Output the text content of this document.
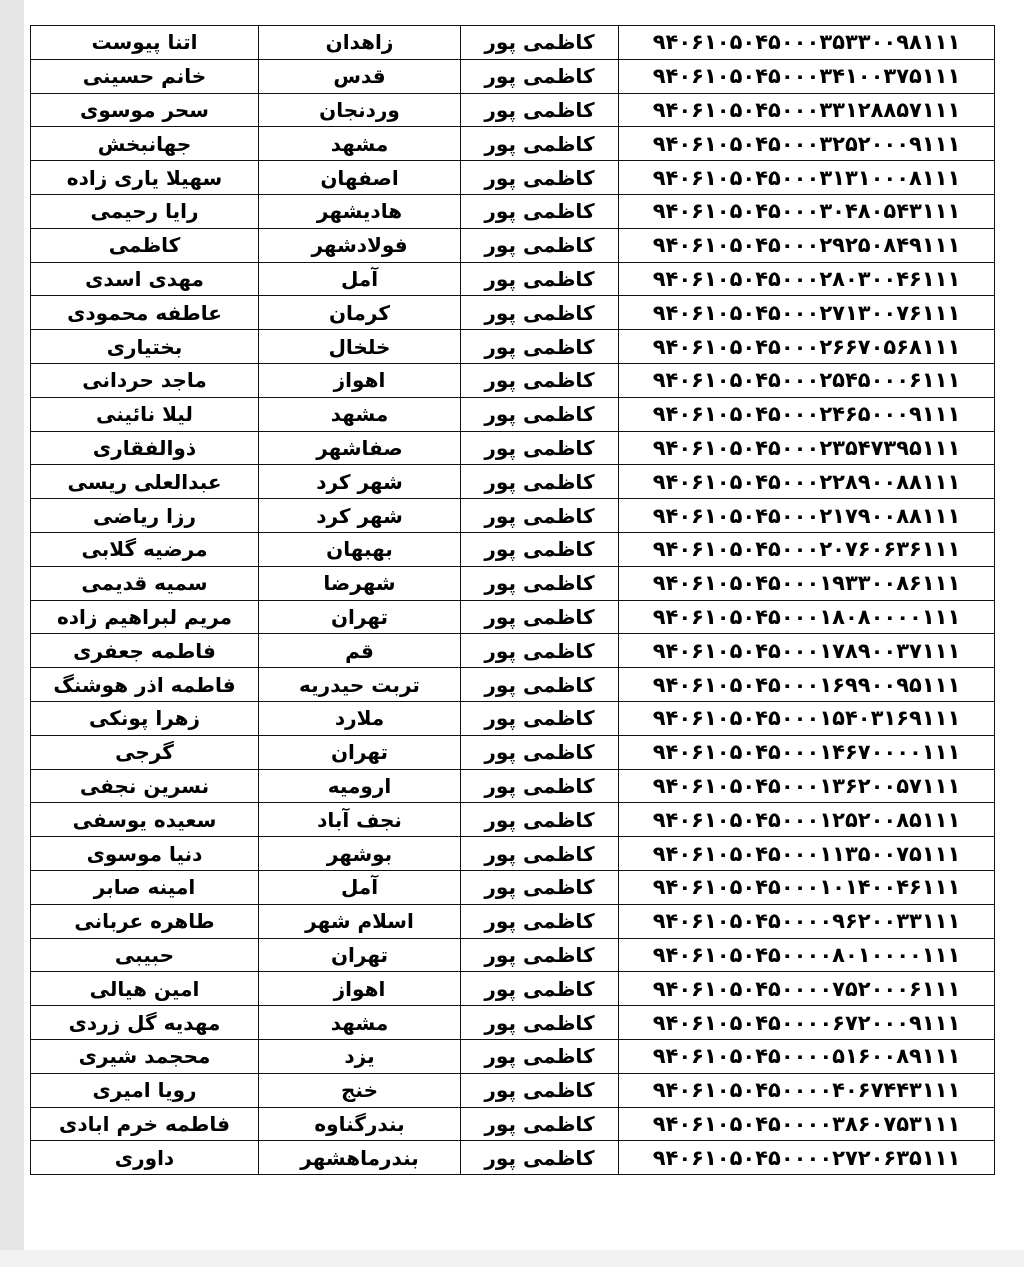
۹۴۰۶۱۰۵۰۴۵۰۰۰۳۵۳۳۰۰۹۸۱۱۱	کاظمی پور	زاهدان	اتنا پیوست
۹۴۰۶۱۰۵۰۴۵۰۰۰۳۴۱۰۰۳۷۵۱۱۱	کاظمی پور	قدس	خانم حسینی
۹۴۰۶۱۰۵۰۴۵۰۰۰۳۳۱۲۸۸۵۷۱۱۱	کاظمی پور	وردنجان	سحر موسوی
۹۴۰۶۱۰۵۰۴۵۰۰۰۳۲۵۲۰۰۰۹۱۱۱	کاظمی پور	مشهد	جهانبخش
۹۴۰۶۱۰۵۰۴۵۰۰۰۳۱۳۱۰۰۰۸۱۱۱	کاظمی پور	اصفهان	سهیلا یاری زاده
۹۴۰۶۱۰۵۰۴۵۰۰۰۳۰۴۸۰۵۴۳۱۱۱	کاظمی پور	هادیشهر	رایا رحیمی
۹۴۰۶۱۰۵۰۴۵۰۰۰۲۹۲۵۰۸۴۹۱۱۱	کاظمی پور	فولادشهر	کاظمی
۹۴۰۶۱۰۵۰۴۵۰۰۰۲۸۰۳۰۰۴۶۱۱۱	کاظمی پور	آمل	مهدی اسدی
۹۴۰۶۱۰۵۰۴۵۰۰۰۲۷۱۳۰۰۷۶۱۱۱	کاظمی پور	کرمان	عاطفه محمودی
۹۴۰۶۱۰۵۰۴۵۰۰۰۲۶۶۷۰۵۶۸۱۱۱	کاظمی پور	خلخال	بختیاری
۹۴۰۶۱۰۵۰۴۵۰۰۰۲۵۴۵۰۰۰۶۱۱۱	کاظمی پور	اهواز	ماجد حردانی
۹۴۰۶۱۰۵۰۴۵۰۰۰۲۴۶۵۰۰۰۹۱۱۱	کاظمی پور	مشهد	لیلا نائینی
۹۴۰۶۱۰۵۰۴۵۰۰۰۲۳۵۴۷۳۹۵۱۱۱	کاظمی پور	صفاشهر	ذوالفقاری
۹۴۰۶۱۰۵۰۴۵۰۰۰۲۲۸۹۰۰۸۸۱۱۱	کاظمی پور	شهر کرد	عبدالعلی ریسی
۹۴۰۶۱۰۵۰۴۵۰۰۰۲۱۷۹۰۰۸۸۱۱۱	کاظمی پور	شهر کرد	رزا ریاضی
۹۴۰۶۱۰۵۰۴۵۰۰۰۲۰۷۶۰۶۳۶۱۱۱	کاظمی پور	بهبهان	مرضیه گلابی
۹۴۰۶۱۰۵۰۴۵۰۰۰۱۹۳۳۰۰۸۶۱۱۱	کاظمی پور	شهرضا	سمیه قدیمی
۹۴۰۶۱۰۵۰۴۵۰۰۰۱۸۰۸۰۰۰۰۱۱۱	کاظمی پور	تهران	مریم لبراهیم زاده
۹۴۰۶۱۰۵۰۴۵۰۰۰۱۷۸۹۰۰۳۷۱۱۱	کاظمی پور	قم	فاطمه جعفری
۹۴۰۶۱۰۵۰۴۵۰۰۰۱۶۹۹۰۰۹۵۱۱۱	کاظمی پور	تربت حیدریه	فاطمه اذر هوشنگ
۹۴۰۶۱۰۵۰۴۵۰۰۰۱۵۴۰۳۱۶۹۱۱۱	کاظمی پور	ملارد	زهرا پونکی
۹۴۰۶۱۰۵۰۴۵۰۰۰۱۴۶۷۰۰۰۰۱۱۱	کاظمی پور	تهران	گرجی
۹۴۰۶۱۰۵۰۴۵۰۰۰۱۳۶۲۰۰۵۷۱۱۱	کاظمی پور	ارومیه	نسرین نجفی
۹۴۰۶۱۰۵۰۴۵۰۰۰۱۲۵۲۰۰۸۵۱۱۱	کاظمی پور	نجف آباد	سعیده یوسفی
۹۴۰۶۱۰۵۰۴۵۰۰۰۱۱۳۵۰۰۷۵۱۱۱	کاظمی پور	بوشهر	دنیا موسوی
۹۴۰۶۱۰۵۰۴۵۰۰۰۱۰۱۴۰۰۴۶۱۱۱	کاظمی پور	آمل	امینه صابر
۹۴۰۶۱۰۵۰۴۵۰۰۰۰۹۶۲۰۰۳۳۱۱۱	کاظمی پور	اسلام شهر	طاهره عربانی
۹۴۰۶۱۰۵۰۴۵۰۰۰۰۸۰۱۰۰۰۰۱۱۱	کاظمی پور	تهران	حبیبی
۹۴۰۶۱۰۵۰۴۵۰۰۰۰۷۵۲۰۰۰۶۱۱۱	کاظمی پور	اهواز	امین هیالی
۹۴۰۶۱۰۵۰۴۵۰۰۰۰۶۷۲۰۰۰۹۱۱۱	کاظمی پور	مشهد	مهدیه گل زردی
۹۴۰۶۱۰۵۰۴۵۰۰۰۰۵۱۶۰۰۸۹۱۱۱	کاظمی پور	یزد	محجمد شیری
۹۴۰۶۱۰۵۰۴۵۰۰۰۰۴۰۶۷۴۴۳۱۱۱	کاظمی پور	خنج	رویا امیری
۹۴۰۶۱۰۵۰۴۵۰۰۰۰۳۸۶۰۷۵۳۱۱۱	کاظمی پور	بندرگناوه	فاطمه خرم ابادی
۹۴۰۶۱۰۵۰۴۵۰۰۰۰۲۷۲۰۶۳۵۱۱۱	کاظمی پور	بندرماهشهر	داوری
